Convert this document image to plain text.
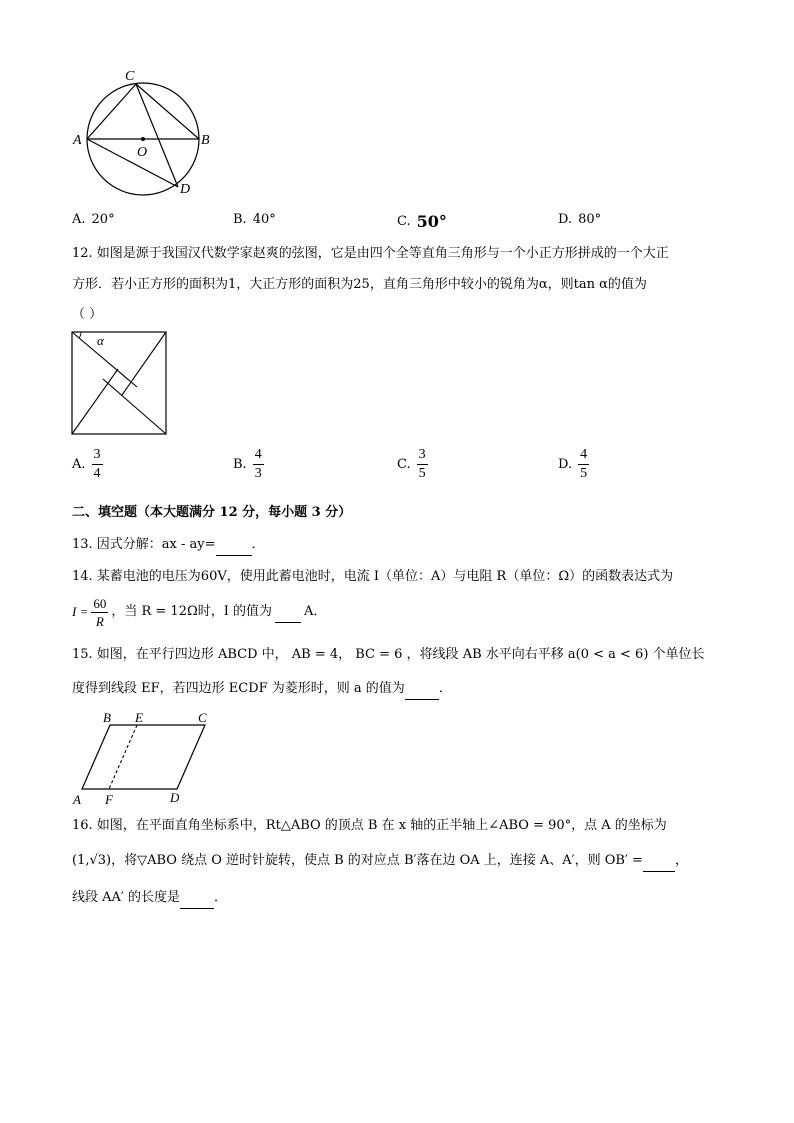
C
A	B
O
D
A. 20°	B. 40°	C. 50°	D. 80°
12. 如图是源于我国汉代数学家赵爽的弦图，它是由四个全等直角三角形与一个小正方形拼成的一个大正
方形．若小正方形的面积为1，大正方形的面积为25，直角三角形中较小的锐角为α，则tan α的值为
（ ）
α
A. $\frac{3}{4}$	B. $\frac{4}{3}$	C. $\frac{3}{5}$	D. $\frac{4}{5}$
二、填空题（本大题满分 12 分，每小题 3 分）
13. 因式分解：ax - ay=	．
14. 某蓄电池的电压为60V，使用此蓄电池时，电流 I（单位：A）与电阻 R（单位：Ω）的函数表达式为
$I = \frac{60}{R}$ ，当 R = 12Ω时，I 的值为
A．
15. 如图，在平行四边形 ABCD 中， AB = 4， BC = 6 ，将线段 AB 水平向右平移 a(0 < a < 6) 个单位长
度得到线段 EF，若四边形 ECDF 为菱形时，则 a 的值为	．
B E	C
A F	D
16. 如图，在平面直角坐标系中，Rt△ABO 的顶点 B 在 x 轴的正半轴上∠ABO = 90°，点 A 的坐标为
(1,√3)，将▽ABO 绕点 O 逆时针旋转，使点 B 的对应点 B′落在边 OA 上，连接 A、A′，则 OB′ = ，
线段 AA′ 的长度是	．
